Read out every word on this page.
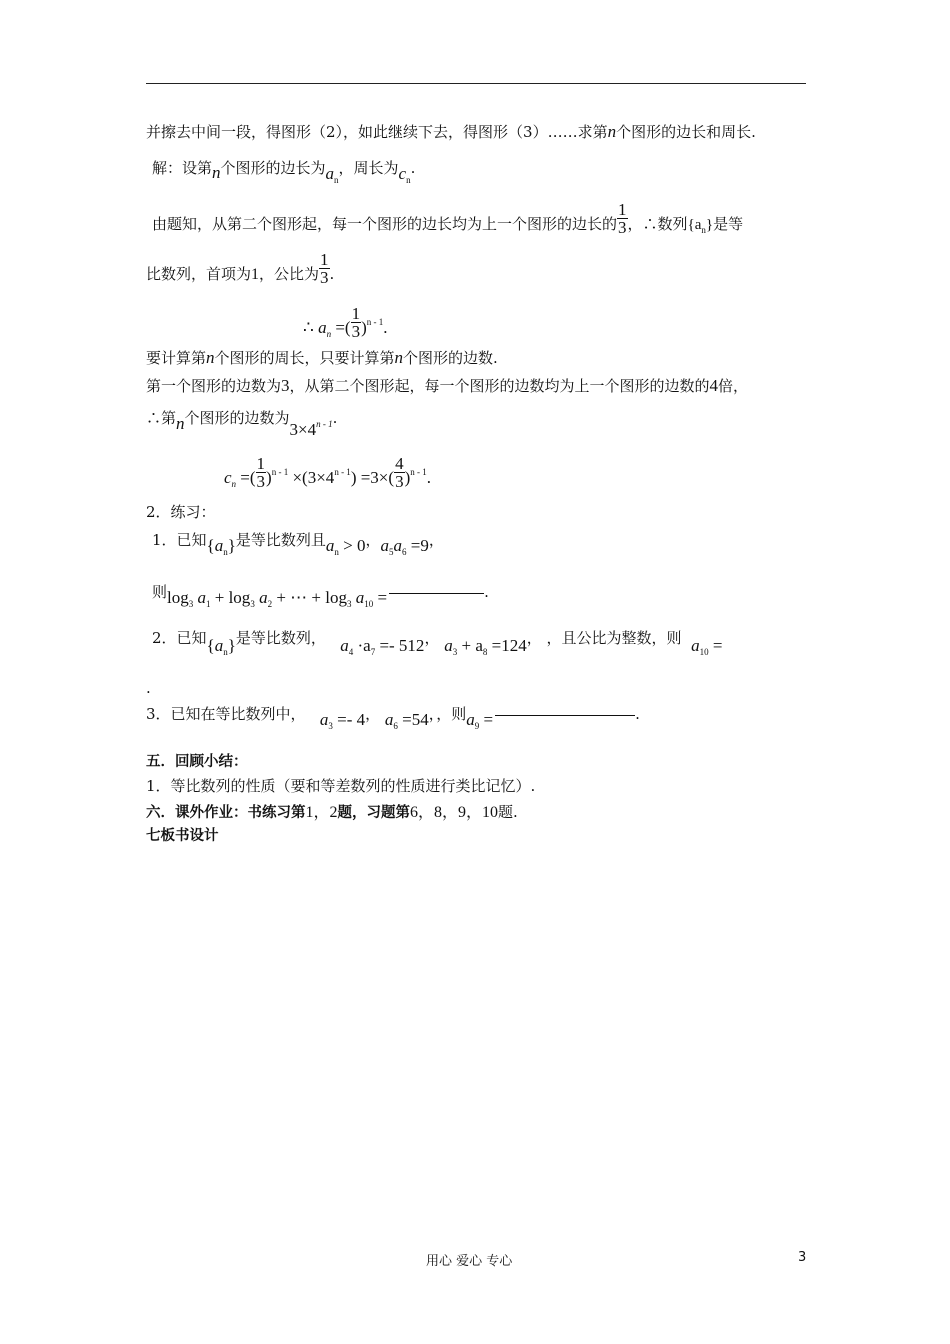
并擦去中间一段，得图形（2），如此继续下去，得图形（3）……求第n个图形的边长和周长.
解：设第n个图形的边长为$a_n$，周长为$c_n$.
由题知，从第二个图形起，每一个图形的边长均为上一个图形的边长的 $\frac{1}{3}$ ，∴数列$\{a_n\}$是等
比数列，首项为1，公比为 $\frac{1}{3}$ .
∴ $a_n$ =( $\frac{1}{3} )^{n - 1}$.
要计算第n个图形的周长，只要计算第n个图形的边数.
第一个图形的边数为3，从第二个图形起，每一个图形的边数均为上一个图形的边数的4倍，
∴第n个图形的边数为$3\times 4^{n - 1}$.
$c_n$ =( $\frac{1}{3} )^{n - 1} \times(3\times 4^{n - 1}) =3\times( \frac{4}{3} )^{n - 1}$.
2．练习：
1．已知$\{a_n\}$是等比数列且$a_n > 0$，$a_5a_6 =9$，
则$\log_3 a_1 + \log_3 a_2$ + ⋯ + $\log_3 a_{10}$ =	.
2．已知$\{a_n\}$是等比数列， $a_4 \cdot a_7 =- 512$， $a_3 + a_8 =124$， ，且公比为整数，则 $a_{10}$ =
.
3．已知在等比数列中， $a_3 =- 4$， $a_6 =54$，，则$a_9$ =	.
五．回顾小结：
1．等比数列的性质（要和等差数列的性质进行类比记忆）.
六．课外作业：书练习第1，2题，习题第6，8，9，10题.
七板书设计
用心 爱心 专心	3
